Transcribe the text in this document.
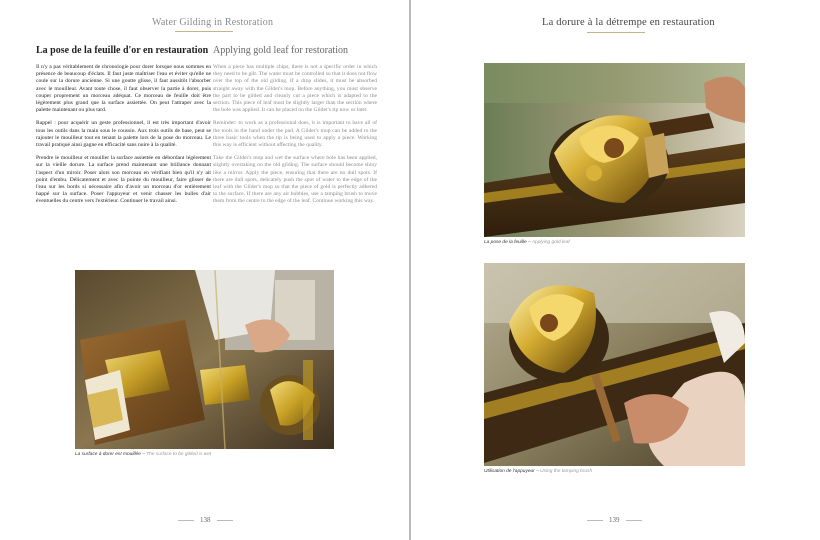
Water Gilding in Restoration
La pose de la feuille d'or en restauration

Il n'y a pas véritablement de chronologie pour dorer lorsque nous sommes en présence de beaucoup d'éclats. Il faut juste maîtriser l'eau et éviter qu'elle ne coule sur la dorure ancienne. Si une goutte glisse, il faut aussitôt l'absorber avec le mouilleur. Avant toute chose, il faut observer la partie à dorer, puis couper proprement un morceau adéquat. Ce morceau de feuille doit être légèrement plus grand que la surface assiettée. On peut l'attraper avec la palette maintenant ou plus tard.

Rappel : pour acquérir un geste professionnel, il est très important d'avoir tous les outils dans la main sous le coussin. Aux trois outils de base, peut se rajouter le mouilleur tout en tenant la palette lors de la pose du morceau. Le travail pratiqué ainsi gagne en efficacité sans nuire à la qualité.

Prendre le mouilleur et mouiller la surface assiettée en débordant légèrement sur la vieille dorure. La surface prend maintenant une brillance donnant l'aspect d'un miroir. Poser alors son morceau en vérifiant bien qu'il n'y ait point d'embu. Délicatement et avec la pointe du mouilleur, faire glisser de l'eau sur les bords si nécessaire afin d'avoir un morceau d'or entièrement happé sur la surface. Poser l'appuyeur et venir chasser les bulles d'air éventuelles du centre vers l'extérieur. Continuer le travail ainsi.

Applying gold leaf for restoration

When a piece has multiple chips, there is not a specific order in which they need to be gilt. The water must be controlled so that it does not flow over the top of the old gilding. If a drop slides, it must be absorbed straight away with the Gilder's mop. Before anything, you must observe the part to be gilded and cleanly cut a piece which is adapted to the section. This piece of leaf must be slightly larger than the section where the bole was applied. It can be placed on the Gilder's tip now or later.

Reminder: to work as a professional does, it is important to have all of the tools in the hand under the pad. A Gilder's mop can be added to the three basic tools when the tip is being used to apply a piece. Working this way is efficient without affecting the quality.

Take the Gilder's mop and wet the surface where bole has been applied, slightly overtaking on the old gilding. The surface should become shiny like a mirror. Apply the piece, ensuring that there are no dull spots. If there are dull spots, delicately push the spot of water to the edge of the leaf with the Gilder's mop so that the piece of gold is perfectly adhered to the surface. If there are any air bubbles, use a tamping brush to move them from the centre to the edge of the leaf. Continue working this way.

La surface à dorer est mouillée – The surface to be gilded is wet
138
La dorure à la détrempe en restauration
La pose de la feuille – Applying gold leaf
Utilisation de l'appuyeur – Using the tamping brush
139
